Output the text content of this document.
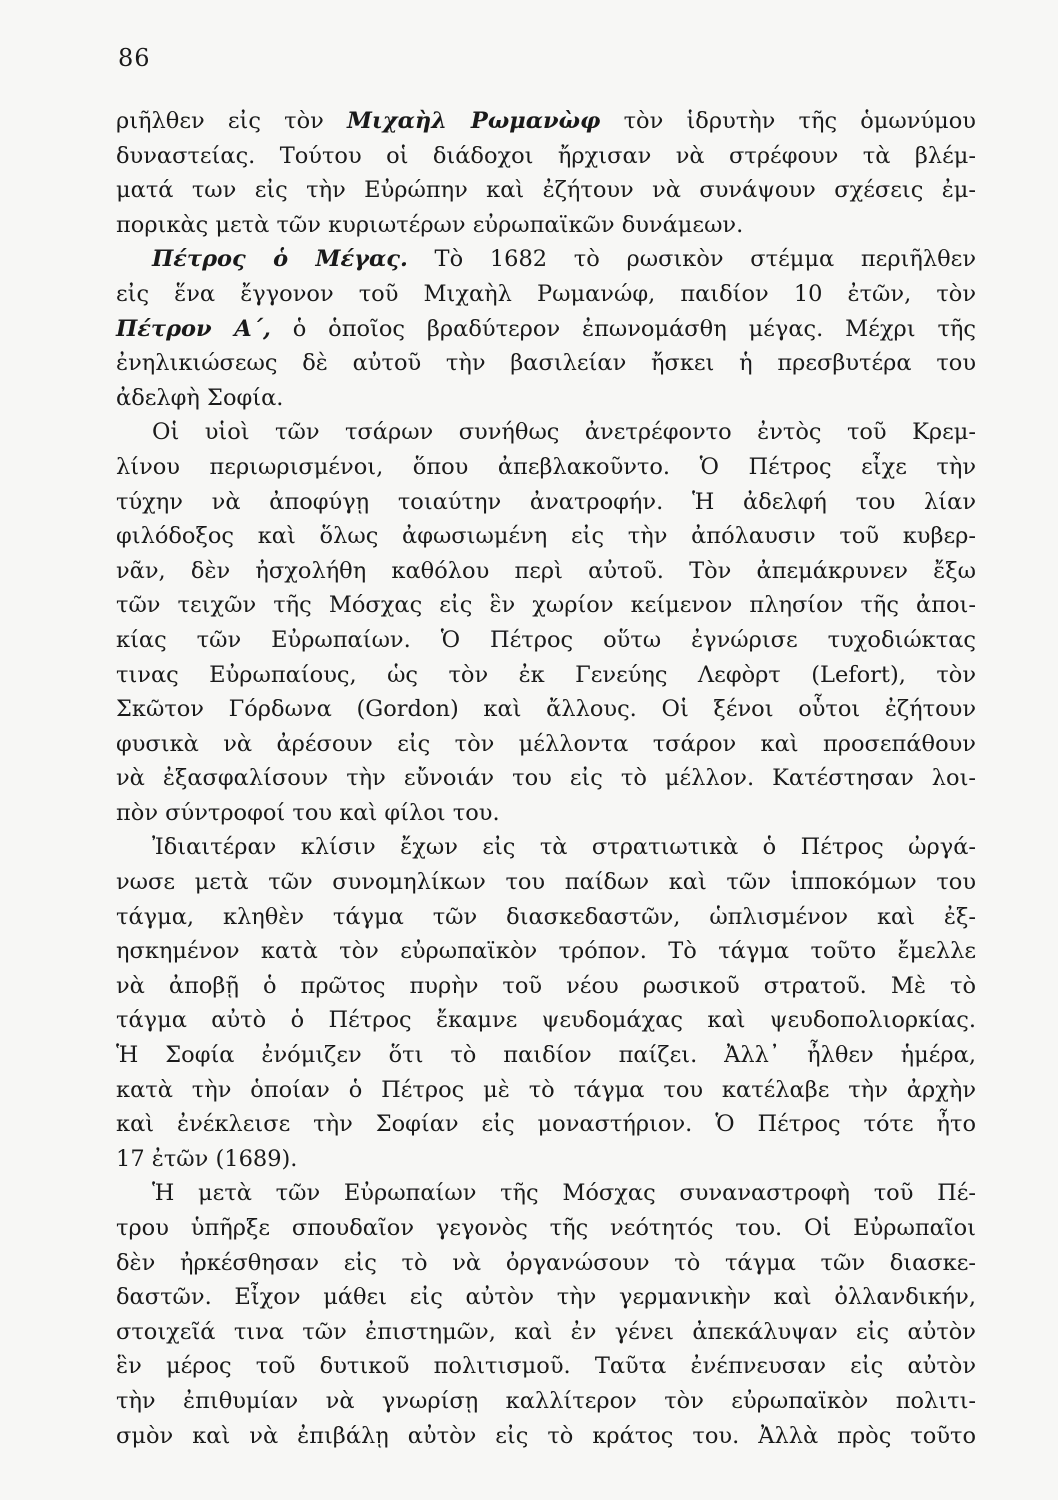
86
ριῆλθεν εἰς τὸν Μιχαὴλ Ρωμανὼφ τὸν ἱδρυτὴν τῆς ὁμωνύμου
δυναστείας. Τούτου οἱ διάδοχοι ἤρχισαν νὰ στρέφουν τὰ βλέμ-
ματά των εἰς τὴν Εὐρώπην καὶ ἐζήτουν νὰ συνάψουν σχέσεις ἐμ-
πορικὰς μετὰ τῶν κυριωτέρων εὐρωπαϊκῶν δυνάμεων.
Πέτρος ὁ Μέγας. Τὸ 1682 τὸ ρωσικὸν στέμμα περιῆλθεν
εἰς ἕνα ἔγγονον τοῦ Μιχαὴλ Ρωμανώφ, παιδίον 10 ἐτῶν, τὸν
Πέτρον Α΄, ὁ ὁποῖος βραδύτερον ἐπωνομάσθη μέγας. Μέχρι τῆς
ἐνηλικιώσεως δὲ αὐτοῦ τὴν βασιλείαν ἤσκει ἡ πρεσβυτέρα του
ἀδελφὴ Σοφία.
Οἱ υἱοὶ τῶν τσάρων συνήθως ἀνετρέφοντο ἐντὸς τοῦ Κρεμ-
λίνου περιωρισμένοι, ὅπου ἀπεβλακοῦντο. Ὁ Πέτρος εἶχε τὴν
τύχην νὰ ἀποφύγῃ τοιαύτην ἀνατροφήν. Ἡ ἀδελφή του λίαν
φιλόδοξος καὶ ὅλως ἀφωσιωμένη εἰς τὴν ἀπόλαυσιν τοῦ κυβερ-
νᾶν, δὲν ἠσχολήθη καθόλου περὶ αὐτοῦ. Τὸν ἀπεμάκρυνεν ἔξω
τῶν τειχῶν τῆς Μόσχας εἰς ἓν χωρίον κείμενον πλησίον τῆς ἀποι-
κίας τῶν Εὐρωπαίων. Ὁ Πέτρος οὕτω ἐγνώρισε τυχοδιώκτας
τινας Εὐρωπαίους, ὡς τὸν ἐκ Γενεύης Λεφὸρτ (Lefort), τὸν
Σκῶτον Γόρδωνα (Gordon) καὶ ἄλλους. Οἱ ξένοι οὗτοι ἐζήτουν
φυσικὰ νὰ ἀρέσουν εἰς τὸν μέλλοντα τσάρον καὶ προσεπάθουν
νὰ ἐξασφαλίσουν τὴν εὔνοιάν του εἰς τὸ μέλλον. Κατέστησαν λοι-
πὸν σύντροφοί του καὶ φίλοι του.
Ἰδιαιτέραν κλίσιν ἔχων εἰς τὰ στρατιωτικὰ ὁ Πέτρος ὠργά-
νωσε μετὰ τῶν συνομηλίκων του παίδων καὶ τῶν ἱπποκόμων του
τάγμα, κληθὲν τάγμα τῶν διασκεδαστῶν, ὡπλισμένον καὶ ἐξ-
ησκημένον κατὰ τὸν εὐρωπαϊκὸν τρόπον. Τὸ τάγμα τοῦτο ἔμελλε
νὰ ἀποβῇ ὁ πρῶτος πυρὴν τοῦ νέου ρωσικοῦ στρατοῦ. Μὲ τὸ
τάγμα αὐτὸ ὁ Πέτρος ἔκαμνε ψευδομάχας καὶ ψευδοπολιορκίας.
Ἡ Σοφία ἐνόμιζεν ὅτι τὸ παιδίον παίζει. Ἀλλ᾽ ἦλθεν ἡμέρα,
κατὰ τὴν ὁποίαν ὁ Πέτρος μὲ τὸ τάγμα του κατέλαβε τὴν ἀρχὴν
καὶ ἐνέκλεισε τὴν Σοφίαν εἰς μοναστήριον. Ὁ Πέτρος τότε ἦτο
17 ἐτῶν (1689).
Ἡ μετὰ τῶν Εὐρωπαίων τῆς Μόσχας συναναστροφὴ τοῦ Πέ-
τρου ὑπῆρξε σπουδαῖον γεγονὸς τῆς νεότητός του. Οἱ Εὐρωπαῖοι
δὲν ἠρκέσθησαν εἰς τὸ νὰ ὀργανώσουν τὸ τάγμα τῶν διασκε-
δαστῶν. Εἶχον μάθει εἰς αὐτὸν τὴν γερμανικὴν καὶ ὀλλανδικήν,
στοιχεῖά τινα τῶν ἐπιστημῶν, καὶ ἐν γένει ἀπεκάλυψαν εἰς αὐτὸν
ἓν μέρος τοῦ δυτικοῦ πολιτισμοῦ. Ταῦτα ἐνέπνευσαν εἰς αὐτὸν
τὴν ἐπιθυμίαν νὰ γνωρίσῃ καλλίτερον τὸν εὐρωπαϊκὸν πολιτι-
σμὸν καὶ νὰ ἐπιβάλῃ αὐτὸν εἰς τὸ κράτος του. Ἀλλὰ πρὸς τοῦτο
